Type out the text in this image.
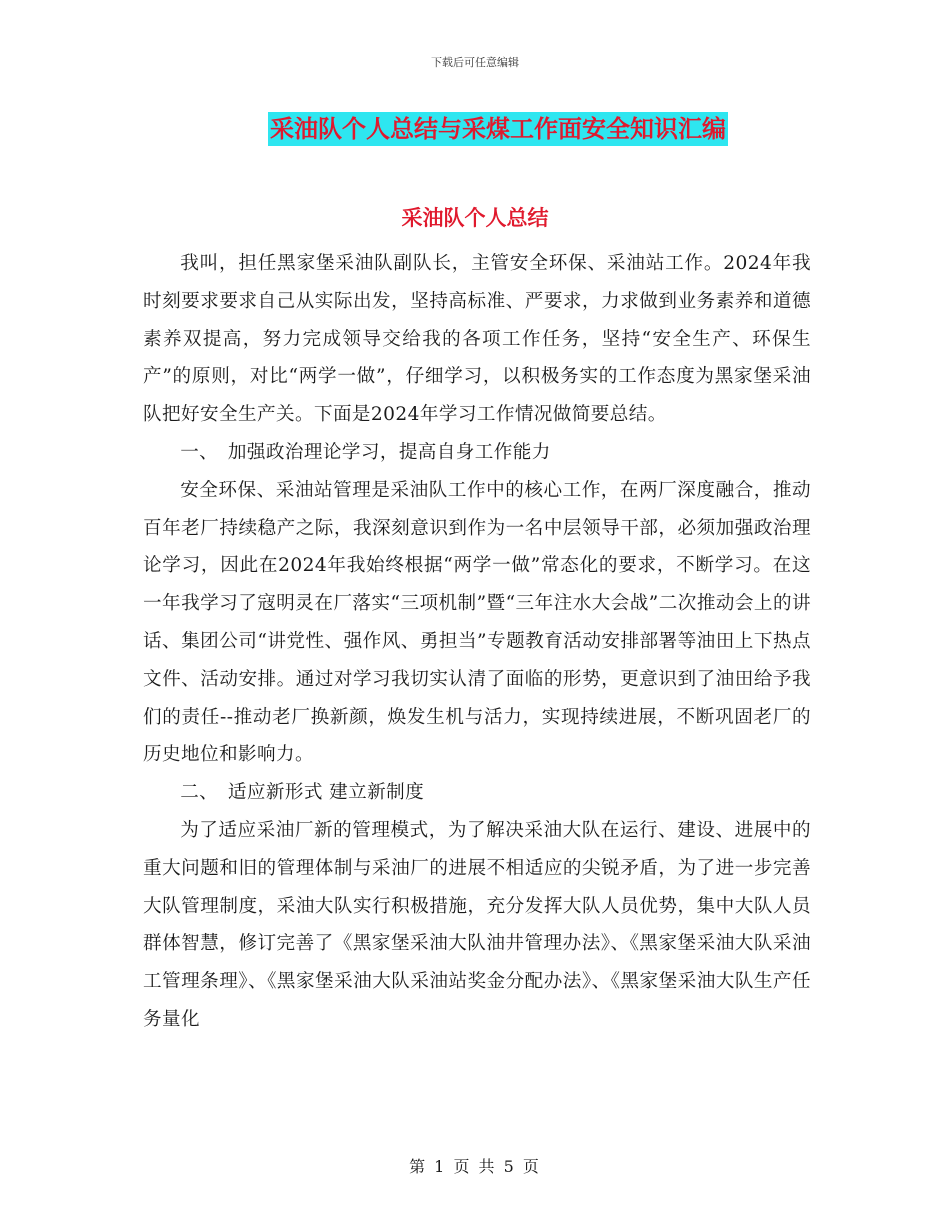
下载后可任意编辑
采油队个人总结与采煤工作面安全知识汇编
采油队个人总结

我叫，担任黑家堡采油队副队长，主管安全环保、采油站工作。2024年我时刻要求要求自己从实际出发，坚持高标准、严要求，力求做到业务素养和道德素养双提高，努力完成领导交给我的各项工作任务，坚持“安全生产、环保生产”的原则，对比“两学一做”，仔细学习，以积极务实的工作态度为黑家堡采油队把好安全生产关。下面是2024年学习工作情况做简要总结。

一、　加强政治理论学习，提高自身工作能力

安全环保、采油站管理是采油队工作中的核心工作，在两厂深度融合，推动百年老厂持续稳产之际，我深刻意识到作为一名中层领导干部，必须加强政治理论学习，因此在2024年我始终根据“两学一做”常态化的要求，不断学习。在这一年我学习了寇明灵在厂落实“三项机制”暨“三年注水大会战”二次推动会上的讲话、集团公司“讲党性、强作风、勇担当”专题教育活动安排部署等油田上下热点文件、活动安排。通过对学习我切实认清了面临的形势，更意识到了油田给予我们的责任--推动老厂换新颜，焕发生机与活力，实现持续进展，不断巩固老厂的历史地位和影响力。

二、　适应新形式 建立新制度

为了适应采油厂新的管理模式，为了解决采油大队在运行、建设、进展中的重大问题和旧的管理体制与采油厂的进展不相适应的尖锐矛盾，为了进一步完善大队管理制度，采油大队实行积极措施，充分发挥大队人员优势，集中大队人员群体智慧，修订完善了《黑家堡采油大队油井管理办法》、《黑家堡采油大队采油工管理条理》、《黑家堡采油大队采油站奖金分配办法》、《黑家堡采油大队生产任务量化

第 1 页 共 5 页
